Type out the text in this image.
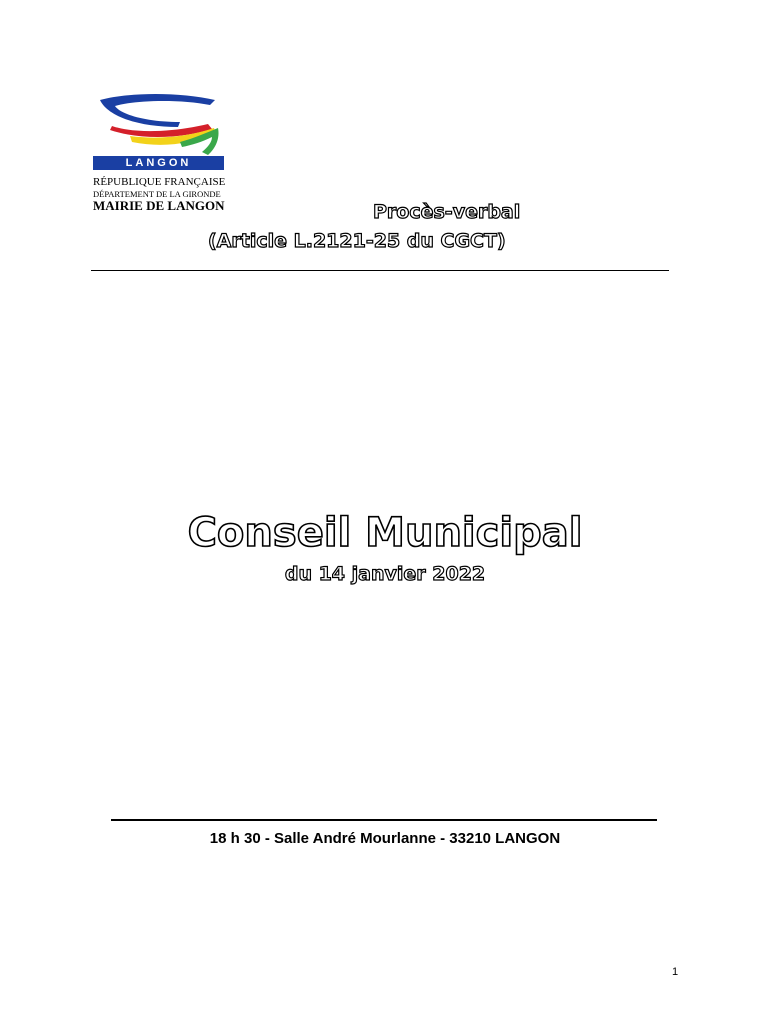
LANGON
RÉPUBLIQUE FRANÇAISE
DÉPARTEMENT DE LA GIRONDE
MAIRIE DE LANGON	Procès-verbal
(Article L.2121-25 du CGCT)
Conseil Municipal
du 14 janvier 2022
18 h 30 - Salle André Mourlanne - 33210 LANGON
1
